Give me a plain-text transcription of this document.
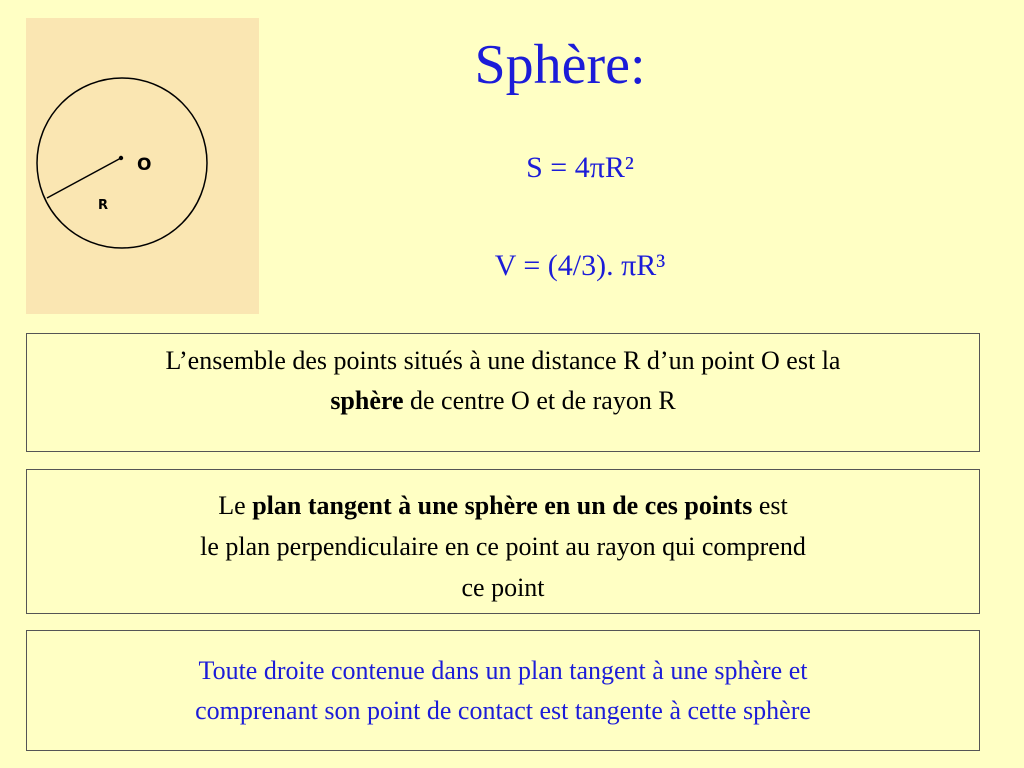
O
R
Sphère:
S = 4πR²
V = (4/3). πR³
L’ensemble des points situés à une distance R d’un point O est la
sphère de centre O et de rayon R
Le plan tangent à une sphère en un de ces points est
le plan perpendiculaire en ce point au rayon qui comprend
ce point
Toute droite contenue dans un plan tangent à une sphère et
comprenant son point de contact est tangente à cette sphère
